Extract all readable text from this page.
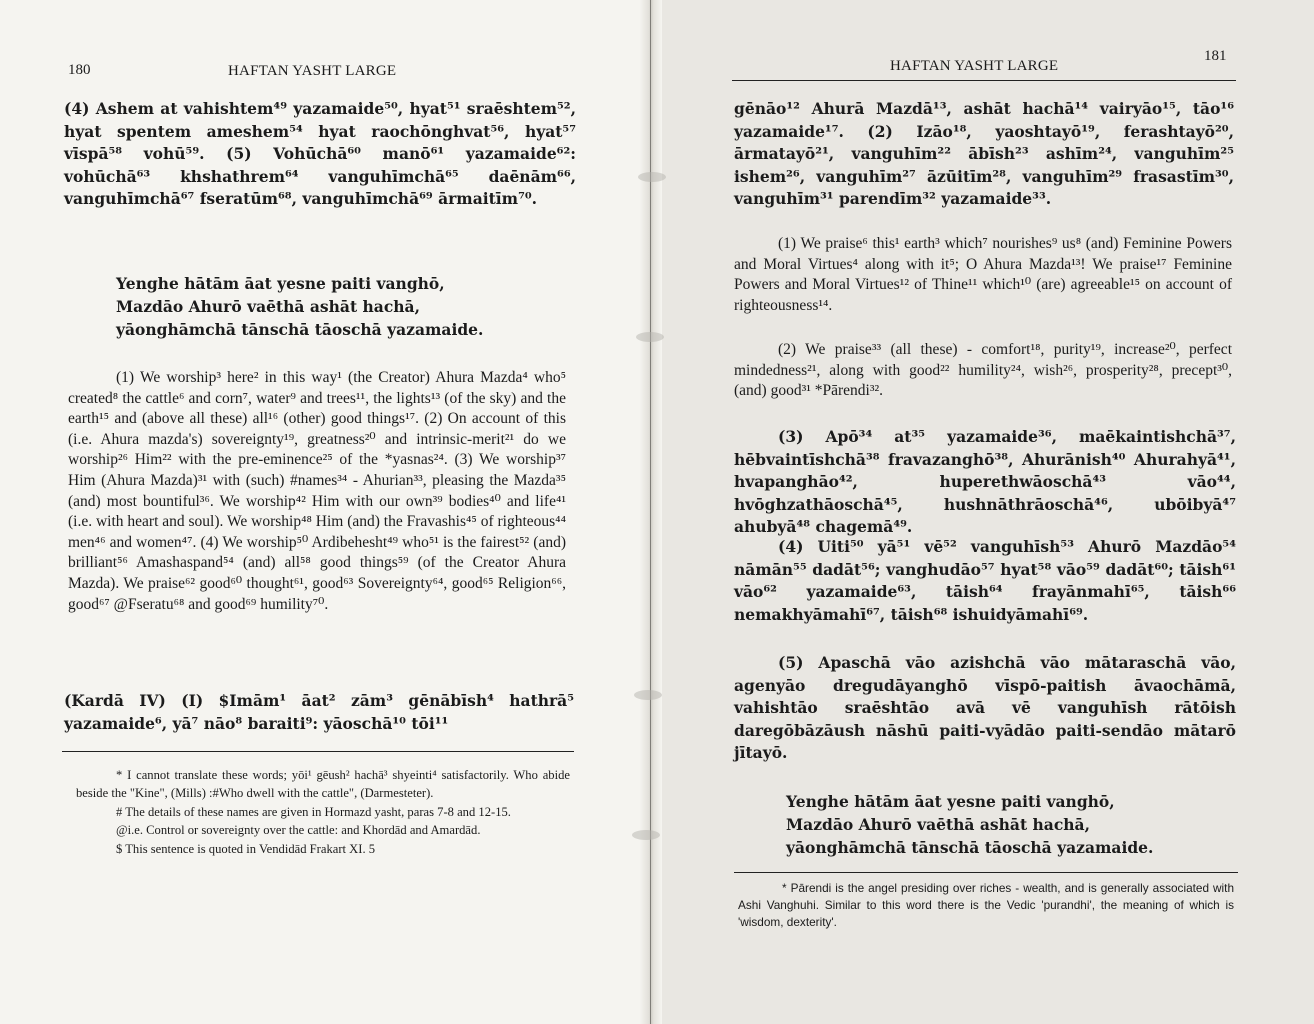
180	HAFTAN YASHT LARGE

(4) Ashem at vahishtem⁴⁹ yazamaide⁵⁰, hyat⁵¹ sraēshtem⁵², hyat spentem ameshem⁵⁴ hyat raochōnghvat⁵⁶, hyat⁵⁷ vīspā⁵⁸ vohū⁵⁹. (5) Vohūchā⁶⁰ manō⁶¹ yazamaide⁶²: vohūchā⁶³ khshathrem⁶⁴ vanguhīmchā⁶⁵ daēnām⁶⁶, vanguhīmchā⁶⁷ fseratūm⁶⁸, vanguhīmchā⁶⁹ ārmaitīm⁷⁰.

Yenghe hātām āat yesne paiti vanghō,

Mazdāo Ahurō vaēthā ashāt hachā,

yāonghāmchā tānschā tāoschā yazamaide.

(1) We worship³ here² in this way¹ (the Creator) Ahura Mazda⁴ who⁵ created⁸ the cattle⁶ and corn⁷, water⁹ and trees¹¹, the lights¹³ (of the sky) and the earth¹⁵ and (above all these) all¹⁶ (other) good things¹⁷. (2) On account of this (i.e. Ahura mazda's) sovereignty¹⁹, greatness²⁰ and intrinsic-merit²¹ do we worship²⁶ Him²² with the pre-eminence²⁵ of the *yasnas²⁴. (3) We worship³⁷ Him (Ahura Mazda)³¹ with (such) #names³⁴ - Ahurian³³, pleasing the Mazda³⁵ (and) most bountiful³⁶. We worship⁴² Him with our own³⁹ bodies⁴⁰ and life⁴¹ (i.e. with heart and soul). We worship⁴⁸ Him (and) the Fravashis⁴⁵ of righteous⁴⁴ men⁴⁶ and women⁴⁷. (4) We worship⁵⁰ Ardibehesht⁴⁹ who⁵¹ is the fairest⁵² (and) brilliant⁵⁶ Amashaspand⁵⁴ (and) all⁵⁸ good things⁵⁹ (of the Creator Ahura Mazda). We praise⁶² good⁶⁰ thought⁶¹, good⁶³ Sovereignty⁶⁴, good⁶⁵ Religion⁶⁶, good⁶⁷ @Fseratu⁶⁸ and good⁶⁹ humility⁷⁰.

(Kardā IV) (I) $Imām¹ āat² zām³ gēnābīsh⁴ hathrā⁵ yazamaide⁶, yā⁷ nāo⁸ baraiti⁹: yāoschā¹⁰ tōi¹¹

* I cannot translate these words; yōi¹ gēush² hachā³ shyeinti⁴ satisfactorily. Who abide beside the "Kine", (Mills) :#Who dwell with the cattle", (Darmesteter).

# The details of these names are given in Hormazd yasht, paras 7-8 and 12-15.

@i.e. Control or sovereignty over the cattle: and Khordād and Amardād.

$ This sentence is quoted in Vendidād Frakart XI. 5

HAFTAN YASHT LARGE
181

gēnāo¹² Ahurā Mazdā¹³, ashāt hachā¹⁴ vairyāo¹⁵, tāo¹⁶ yazamaide¹⁷. (2) Izāo¹⁸, yaoshtayō¹⁹, ferashtayō²⁰, ārmatayō²¹, vanguhīm²² ābīsh²³ ashīm²⁴, vanguhīm²⁵ ishem²⁶, vanguhīm²⁷ āzūitīm²⁸, vanguhīm²⁹ frasastīm³⁰, vanguhīm³¹ parendīm³² yazamaide³³.

(1) We praise⁶ this¹ earth³ which⁷ nourishes⁹ us⁸ (and) Feminine Powers and Moral Virtues⁴ along with it⁵; O Ahura Mazda¹³! We praise¹⁷ Feminine Powers and Moral Virtues¹² of Thine¹¹ which¹⁰ (are) agreeable¹⁵ on account of righteousness¹⁴.

(2) We praise³³ (all these) - comfort¹⁸, purity¹⁹, increase²⁰, perfect mindedness²¹, along with good²² humility²⁴, wish²⁶, prosperity²⁸, precept³⁰, (and) good³¹ *Pārendi³².

(3) Apō³⁴ at³⁵ yazamaide³⁶, maēkaintishchā³⁷, hēbvaintīshchā³⁸ fravazanghō³⁸, Ahurānish⁴⁰ Ahurahyā⁴¹, hvapanghāo⁴², huperethwāoschā⁴³ vāo⁴⁴, hvōghzathāoschā⁴⁵, hushnāthrāoschā⁴⁶, ubōibyā⁴⁷ ahubyā⁴⁸ chagemā⁴⁹.

(4) Uiti⁵⁰ yā⁵¹ vē⁵² vanguhīsh⁵³ Ahurō Mazdāo⁵⁴ nāmān⁵⁵ dadāt⁵⁶; vanghudāo⁵⁷ hyat⁵⁸ vāo⁵⁹ dadāt⁶⁰; tāish⁶¹ vāo⁶² yazamaide⁶³, tāish⁶⁴ frayānmahī⁶⁵, tāish⁶⁶ nemakhyāmahī⁶⁷, tāish⁶⁸ ishuidyāmahī⁶⁹.

(5) Apaschā vāo azishchā vāo mātaraschā vāo, agenyāo dregudāyanghō vīspō-paitish āvaochāmā, vahishtāo sraēshtāo avā vē vanguhīsh rātōish daregōbāzāush nāshū paiti-vyādāo paiti-sendāo mātarō jītayō.

Yenghe hātām āat yesne paiti vanghō,

Mazdāo Ahurō vaēthā ashāt hachā,

yāonghāmchā tānschā tāoschā yazamaide.

* Pārendi is the angel presiding over riches - wealth, and is generally associated with Ashi Vanghuhi. Similar to this word there is the Vedic 'purandhi', the meaning of which is 'wisdom, dexterity'.
